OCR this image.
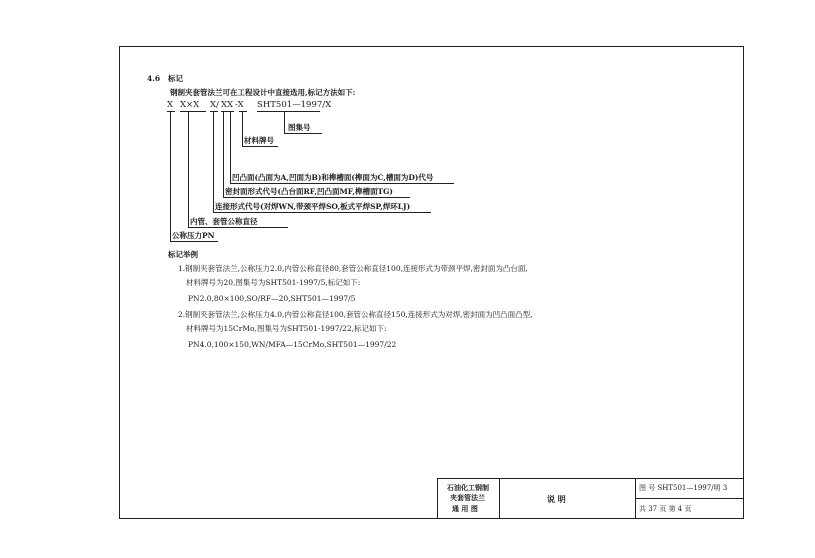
4.6 标记
钢制夹套管法兰可在工程设计中直接选用,标记方法如下:
X X×X X/ XX -X SHT501—1997/X
图集号
材料牌号
凹凸面(凸面为A,凹面为B)和榫槽面(榫面为C,槽面为D)代号
密封面形式代号(凸台面RF,凹凸面MF,榫槽面TG)
连接形式代号(对焊WN,带颈平焊SO,板式平焊SP,焊环LJ)
内管、套管公称直径
公称压力PN
标记举例
1.钢制夹套管法兰,公称压力2.0,内管公称直径80,套管公称直径100,连接形式为带颈平焊,密封面为凸台面,
材料牌号为20,图集号为SHT501-1997/5,标记如下:
PN2.0,80×100,SO/RF—20,SHT501—1997/5
2.钢制夹套管法兰,公称压力4.0,内管公称直径100,套管公称直径150,连接形式为对焊,密封面为凹凸面凸型,
材料牌号为15CrMo,图集号为SHT501-1997/22,标记如下:
PN4.0,100×150,WN/MFA—15CrMo,SHT501—1997/22
石油化工钢制
夹套管法兰
通 用 图
说 明
图 号 SHT501—1997/明 3
共 37 页 第 4 页
